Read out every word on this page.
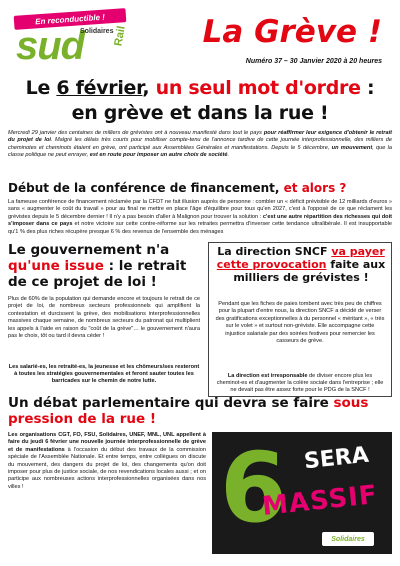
En reconductible !
sud
Solidaires
Rail La Grève !
Numéro 37 – 30 Janvier 2020 à 20 heures
Le 6 février, un seul mot d'ordre :
en grève et dans la rue !
Mercredi 29 janvier des centaines de milliers de grévistes ont à nouveau manifesté dans tout le pays pour réaffirmer leur exigence d'obtenir le retrait du projet de loi. Malgré les délais très courts pour mobiliser compte-tenu de l'annonce tardive de cette journée interprofessionnelle, des milliers de cheminotes et cheminots étaient en grève, ont participé aux Assemblées Générales et manifestations. Depuis le 5 décembre, un mouvement, que la classe politique ne peut enrayer, est en route pour imposer un autre choix de société.
Début de la conférence de financement, et alors ?
La fameuse conférence de financement réclamée par la CFDT ne fait illusion auprès de personne : combler un « déficit prévisible de 12 milliards d'euros » sans « augmenter le coût du travail » pour au final ne mettre en place l'âge d'équilibre pour tous qu'en 2027, c'est à l'opposé de ce que réclament les grévistes depuis le 5 décembre dernier ! Il n'y a pas besoin d'aller à Malignon pour trouver la solution : c'est une autre répartition des richesses qui doit s'imposer dans ce pays et notre victoire sur cette contre-réforme sur les retraites permettra d'inverser cette tendance ultralibérale. Il est insupportable qu'1 % des plus riches récupère presque 6 % des revenus de l'ensemble des ménages
Le gouvernement n'a qu'une issue : le retrait de ce projet de loi !
Plus de 60% de la population qui demande encore et toujours le retrait de ce projet de loi, de nombreux secteurs professionnels qui amplifient la contestation et durcissent la grève, des mobilisations interprofessionnelles massives chaque semaine, de nombreux secteurs du patronat qui multiplient les appels à l'aide en raison du "coût de la grève"… le gouvernement n'aura pas le choix, tôt ou tard il devra céder !
Les salarié-es, les retraité-es, la jeunesse et les chômeurs/ses resteront à toutes les stratégies gouvernementales et feront sauter toutes les barricades sur le chemin de notre lutte.
La direction SNCF va payer cette provocation faite aux milliers de grévistes !
Pendant que les fiches de paies tombent avec très peu de chiffres pour la plupart d'entre nous, la direction SNCF a décidé de verser des gratifications exceptionnelles à du personnel « méritant », « très sur le volet » et surtout non-gréviste. Elle accompagne cette injustice salariale par des soirées festives pour remercier les casseurs de grève.
La direction est irresponsable de diviser encore plus les cheminot-es et d'augmenter la colère sociale dans l'entreprise ; elle ne devait pas être assez forte pour le PDG de la SNCF !
Un débat parlementaire qui devra se faire sous pression de la rue !
Les organisations CGT, FO, FSU, Solidaires, UNEF, MNL, UNL appellent à faire du jeudi 6 février une nouvelle journée interprofessionnelle de grève et de manifestations à l'occasion du début des travaux de la commission spéciale de l'Assemblée Nationale. Et entre temps, entre collègues on discute du mouvement, des dangers du projet de loi, des changements qu'on doit imposer pour plus de justice sociale, de nos revendications locales aussi ; et on participe aux nombreuses actions interprofessionnelles organisées dans nos villes !	6 SERA
MASSIF
Solidaires
